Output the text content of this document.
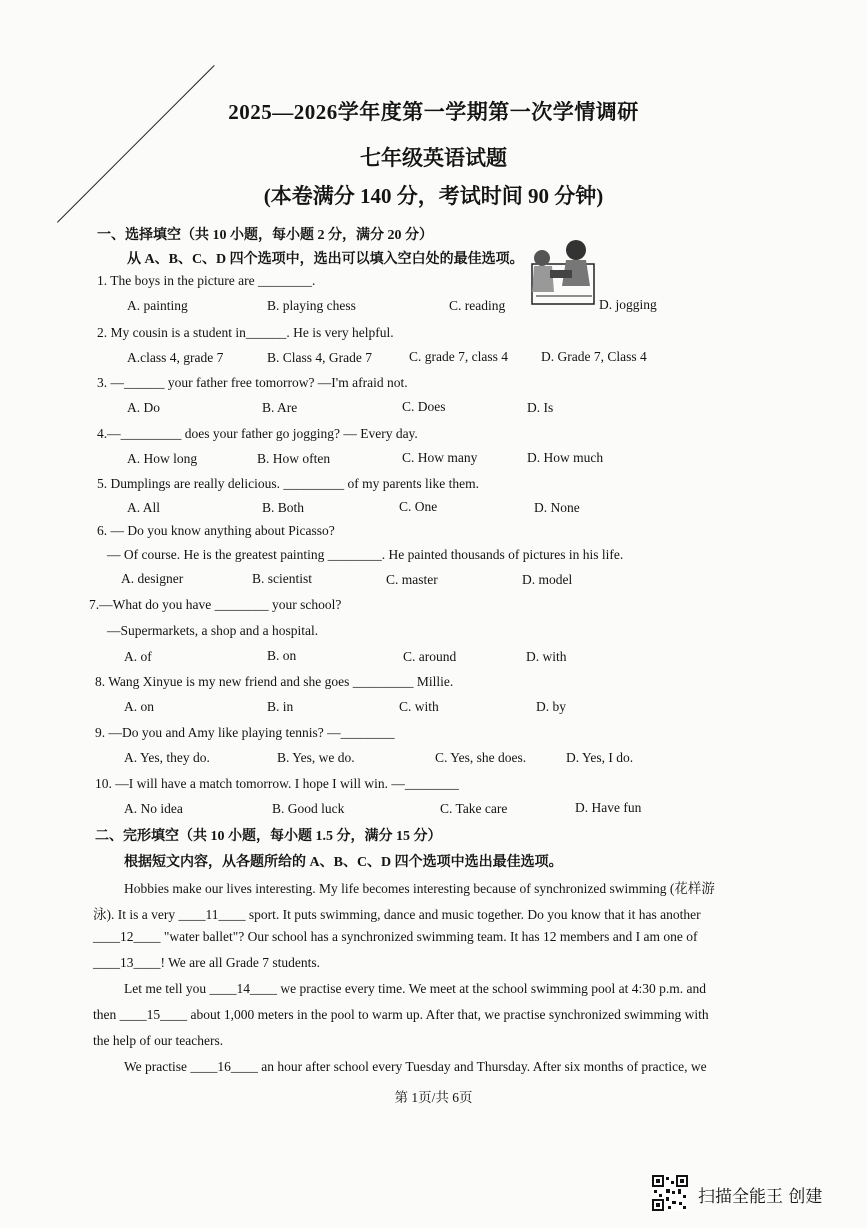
2025—2026学年度第一学期第一次学情调研
七年级英语试题
(本卷满分 140 分，考试时间 90 分钟)
一、选择填空（共 10 小题，每小题 2 分，满分 20 分）
从 A、B、C、D 四个选项中，选出可以填入空白处的最佳选项。
1. The boys in the picture are ________.
A. painting	B. playing chess	C. reading	D. jogging
2. My cousin is a student in______. He is very helpful.
A.class 4, grade 7	B. Class 4, Grade 7	C. grade 7, class 4 D. Grade 7, Class 4
3. —______ your father free tomorrow? —I'm afraid not.
A. Do	B. Are	C. Does	D. Is
4.—_________ does your father go jogging? — Every day.
A. How long	B. How often	C. How many	D. How much
5. Dumplings are really delicious. _________ of my parents like them.
A. All	B. Both	C. One	D. None
6. — Do you know anything about Picasso?
— Of course. He is the greatest painting ________. He painted thousands of pictures in his life.
A. designer	B. scientist	C. master	D. model
7.—What do you have ________ your school?
—Supermarkets, a shop and a hospital.
A. of	B. on	C. around	D. with
8. Wang Xinyue is my new friend and she goes _________ Millie.
A. on	B. in	C. with	D. by
9. —Do you and Amy like playing tennis? —________
A. Yes, they do.	B. Yes, we do.	C. Yes, she does.	D. Yes, I do.
10. —I will have a match tomorrow. I hope I will win. —________
A. No idea	B. Good luck	C. Take care	D. Have fun
二、完形填空（共 10 小题，每小题 1.5 分，满分 15 分）
根据短文内容，从各题所给的 A、B、C、D 四个选项中选出最佳选项。
Hobbies make our lives interesting. My life becomes interesting because of synchronized swimming (花样游
泳). It is a very ____11____ sport. It puts swimming, dance and music together. Do you know that it has another
____12____ "water ballet"? Our school has a synchronized swimming team. It has 12 members and I am one of
____13____! We are all Grade 7 students.
Let me tell you ____14____ we practise every time. We meet at the school swimming pool at 4:30 p.m. and
then ____15____ about 1,000 meters in the pool to warm up. After that, we practise synchronized swimming with
the help of our teachers.
We practise ____16____ an hour after school every Tuesday and Thursday. After six months of practice, we
第 1页/共 6页
扫描全能王 创建
